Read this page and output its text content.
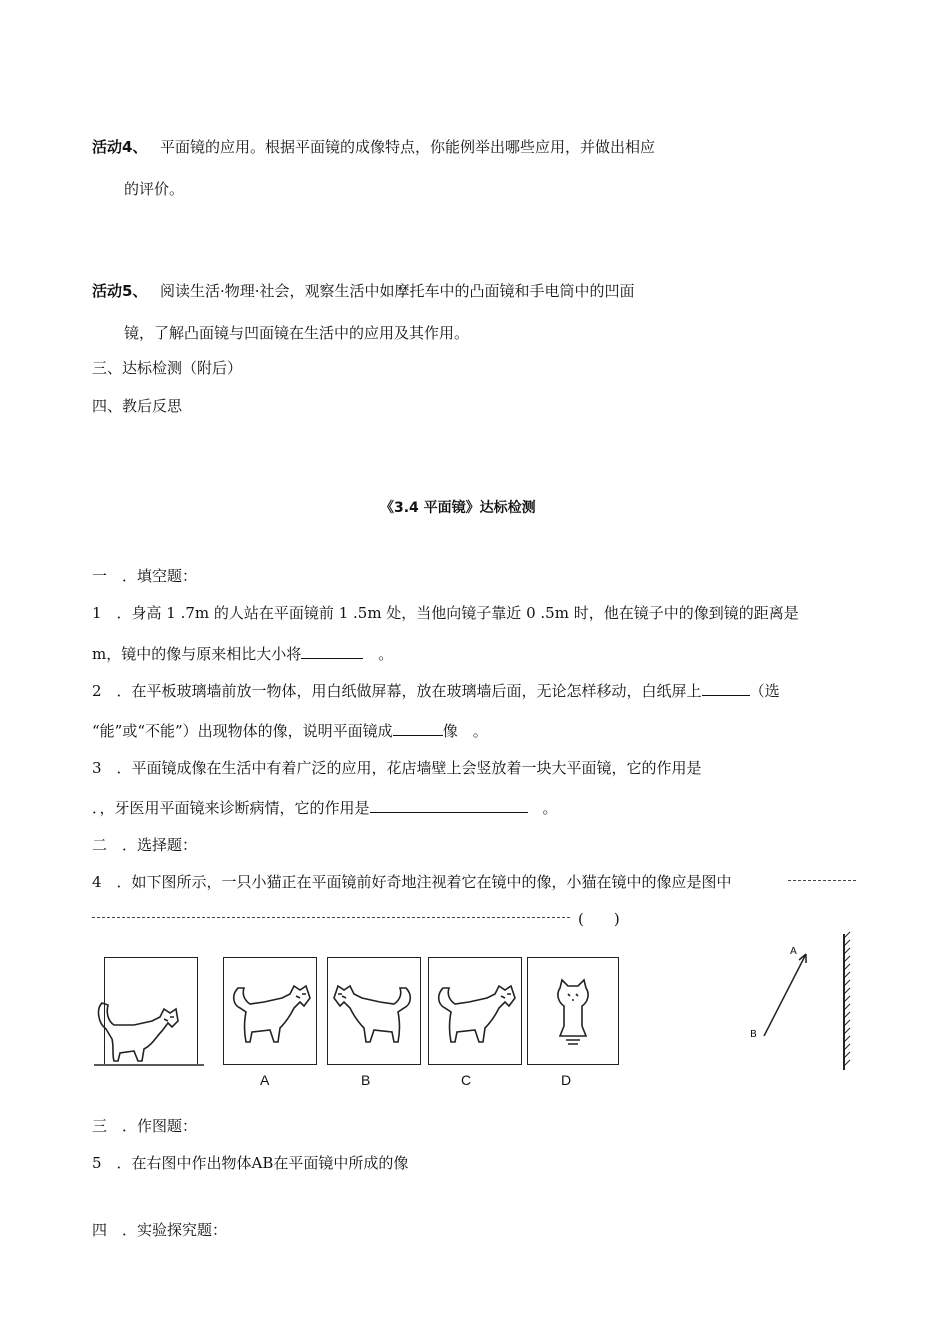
活动4、 平面镜的应用。根据平面镜的成像特点，你能例举出哪些应用，并做出相应
的评价。
活动5、 阅读生活·物理·社会，观察生活中如摩托车中的凸面镜和手电筒中的凹面
镜，了解凸面镜与凹面镜在生活中的应用及其作用。
三、达标检测（附后）
四、教后反思
《3.4 平面镜》达标检测
一　．填空题：
1　．身高 1 .7m 的人站在平面镜前 1 .5m 处，当他向镜子靠近 0 .5m 时，他在镜子中的像到镜的距离是
m，镜中的像与原来相比大小将　	。
2　．在平板玻璃墙前放一物体，用白纸做屏幕，放在玻璃墙后面，无论怎样移动，白纸屏上	（选
“能”或“不能”）出现物体的像，说明平面镜成	像　。
3　．平面镜成像在生活中有着广泛的应用，花店墙壁上会竖放着一块大平面镜，它的作用是
．，牙医用平面镜来诊断病情，它的作用是　	。
二　．选择题：
4　．如下图所示，一只小猫正在平面镜前好奇地注视着它在镜中的像，小猫在镜中的像应是图中
(　　)
A	B	C	D
A
B
三　．作图题：
5　．在右图中作出物体AB在平面镜中所成的像
四　．实验探究题：
